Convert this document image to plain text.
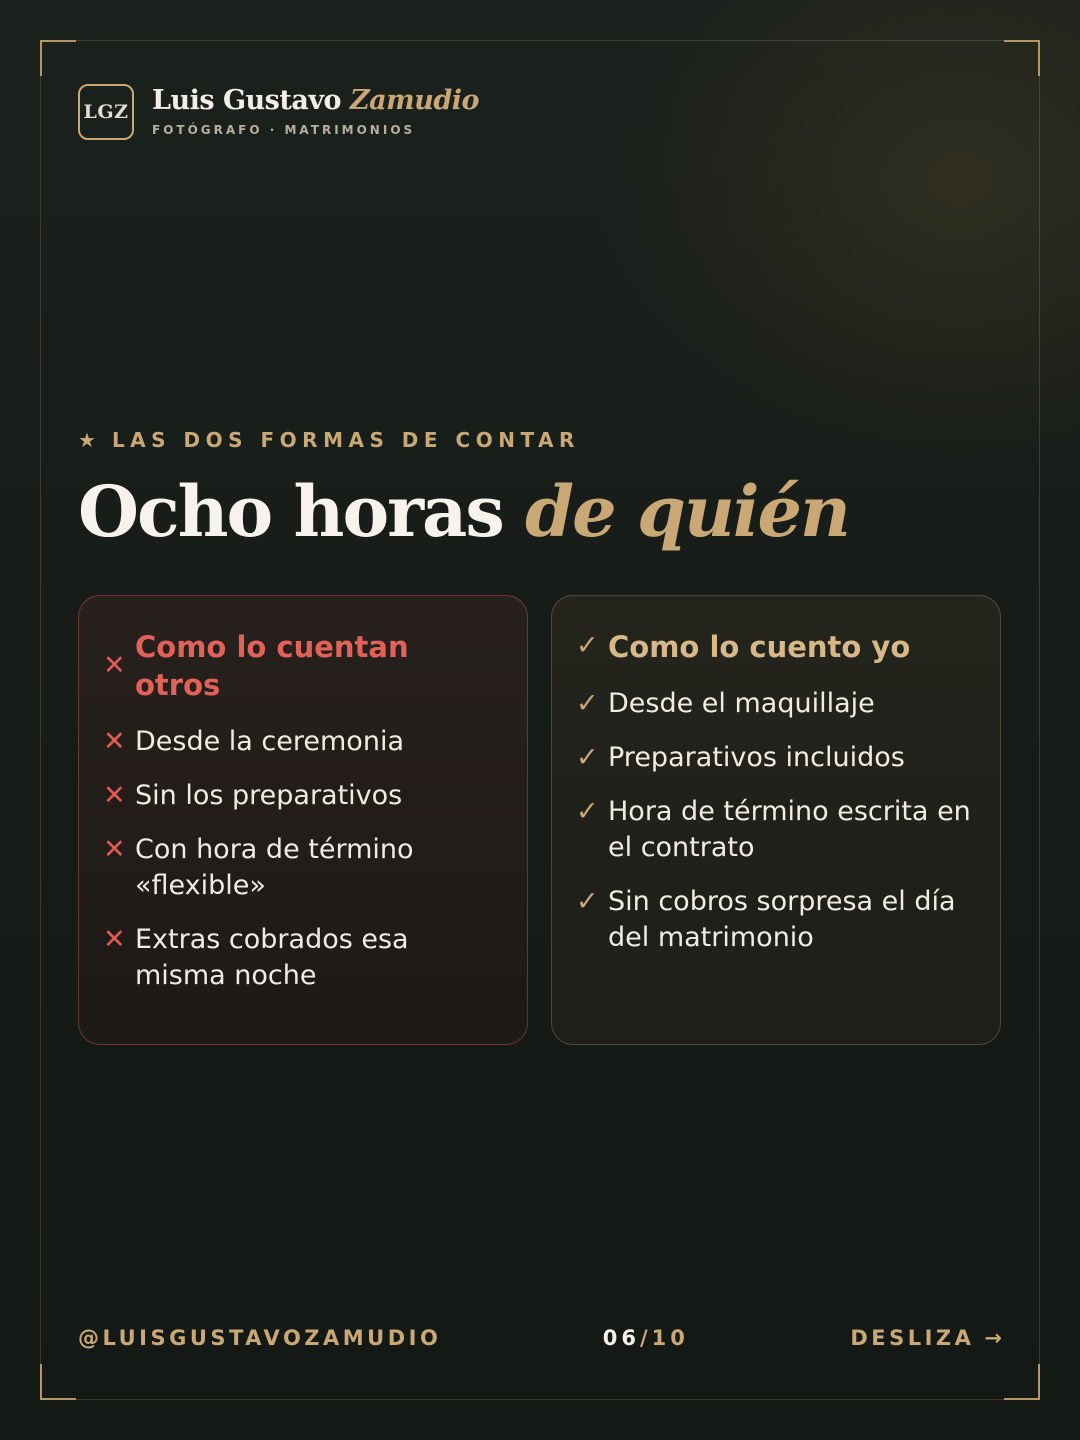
LGZ Luis Gustavo Zamudio
FOTÓGRAFO · MATRIMONIOS
★ LAS DOS FORMAS DE CONTAR
Ocho horas de quién
✕
Como lo cuentan otros
✕ Desde la ceremonia
✕ Sin los preparativos
✕ Con hora de término «flexible»
✕ Extras cobrados esa misma noche
✓ Como lo cuento yo
✓ Desde el maquillaje
✓ Preparativos incluidos
✓ Hora de término escrita en el contrato
✓ Sin cobros sorpresa el día del matrimonio
@LUISGUSTAVOZAMUDIO	06/10	DESLIZA →
